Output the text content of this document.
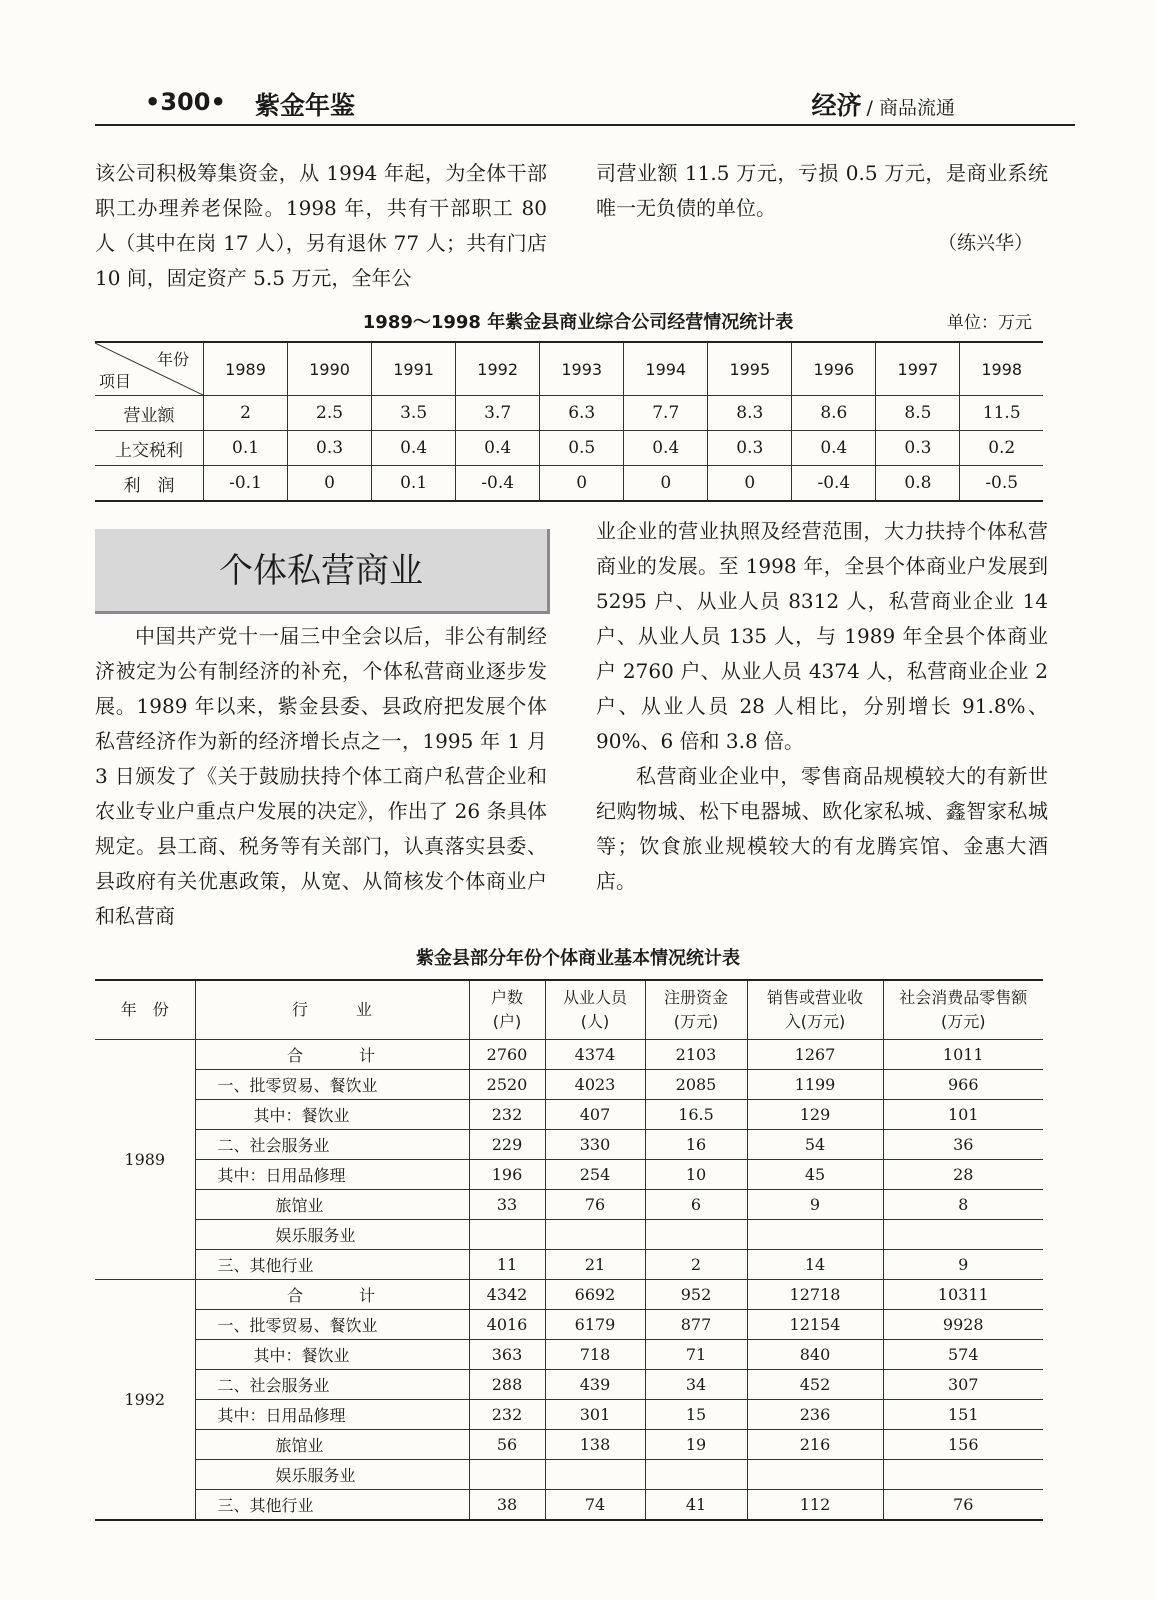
•300• 紫金年鉴	经济 / 商品流通

该公司积极筹集资金，从 1994 年起，为全体干部职工办理养老保险。1998 年，共有干部职工 80 人（其中在岗 17 人），另有退休 77 人；共有门店 10 间，固定资产 5.5 万元，全年公

司营业额 11.5 万元，亏损 0.5 万元，是商业系统唯一无负债的单位。

（练兴华）
1989～1998 年紫金县商业综合公司经营情况统计表	单位：万元
年份
项目	1989	1990	1991	1992	1993	1994	1995	1996	1997	1998
营业额	2	2.5	3.5	3.7	6.3	7.7	8.3	8.6	8.5	11.5
上交税利	0.1	0.3	0.4	0.4	0.5	0.4	0.3	0.4	0.3	0.2
利　润	-0.1	0	0.1	-0.4	0	0	0	-0.4	0.8	-0.5
个体私营商业

中国共产党十一届三中全会以后，非公有制经济被定为公有制经济的补充，个体私营商业逐步发展。1989 年以来，紫金县委、县政府把发展个体私营经济作为新的经济增长点之一，1995 年 1 月 3 日颁发了《关于鼓励扶持个体工商户私营企业和农业专业户重点户发展的决定》，作出了 26 条具体规定。县工商、税务等有关部门，认真落实县委、县政府有关优惠政策，从宽、从简核发个体商业户和私营商

业企业的营业执照及经营范围，大力扶持个体私营商业的发展。至 1998 年，全县个体商业户发展到 5295 户、从业人员 8312 人，私营商业企业 14 户、从业人员 135 人，与 1989 年全县个体商业户 2760 户、从业人员 4374 人，私营商业企业 2 户、从业人员 28 人相比，分别增长 91.8%、90%、6 倍和 3.8 倍。

私营商业企业中，零售商品规模较大的有新世纪购物城、松下电器城、欧化家私城、鑫智家私城等；饮食旅业规模较大的有龙腾宾馆、金惠大酒店。

紫金县部分年份个体商业基本情况统计表
年　份	行　　　业	户数
(户)	从业人员
(人)	注册资金
(万元)	销售或营业收
入(万元)	社会消费品零售额
(万元)
1989	合　　　计	2760	4374	2103	1267	1011
	一、批零贸易、餐饮业	2520	4023	2085	1199	966
	其中：餐饮业	232	407	16.5	129	101
	二、社会服务业	229	330	16	54	36
	其中：日用品修理	196	254	10	45	28
	旅馆业	33	76	6	9	8
	娱乐服务业					
	三、其他行业	11	21	2	14	9
1992	合　　　计	4342	6692	952	12718	10311
	一、批零贸易、餐饮业	4016	6179	877	12154	9928
	其中：餐饮业	363	718	71	840	574
	二、社会服务业	288	439	34	452	307
	其中：日用品修理	232	301	15	236	151
	旅馆业	56	138	19	216	156
	娱乐服务业					
	三、其他行业	38	74	41	112	76
